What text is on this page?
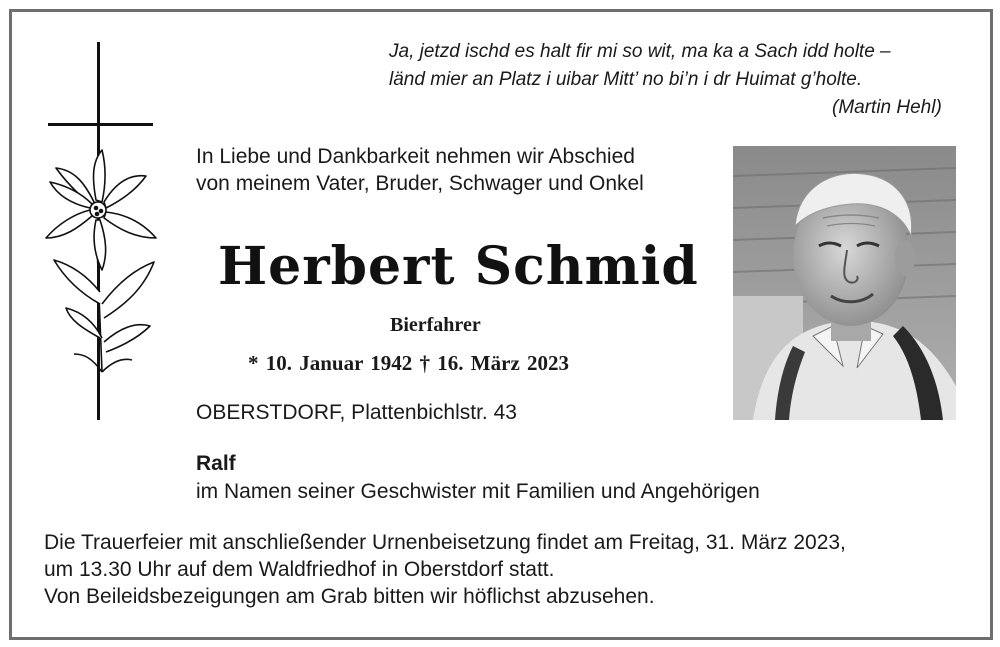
Ja, jetzd ischd es halt fir mi so wit, ma ka a Sach idd holte –
länd mier an Platz i uibar Mitt’ no bi’n i dr Huimat g’holte.
(Martin Hehl)
In Liebe und Dankbarkeit nehmen wir Abschied
von meinem Vater, Bruder, Schwager und Onkel
Herbert Schmid
Bierfahrer
* 10. Januar 1942 † 16. März 2023
OBERSTDORF, Plattenbichlstr. 43
Ralf
im Namen seiner Geschwister mit Familien und Angehörigen
Die Trauerfeier mit anschließender Urnenbeisetzung findet am Freitag, 31. März 2023,
um 13.30 Uhr auf dem Waldfriedhof in Oberstdorf statt.
Von Beileidsbezeigungen am Grab bitten wir höflichst abzusehen.
